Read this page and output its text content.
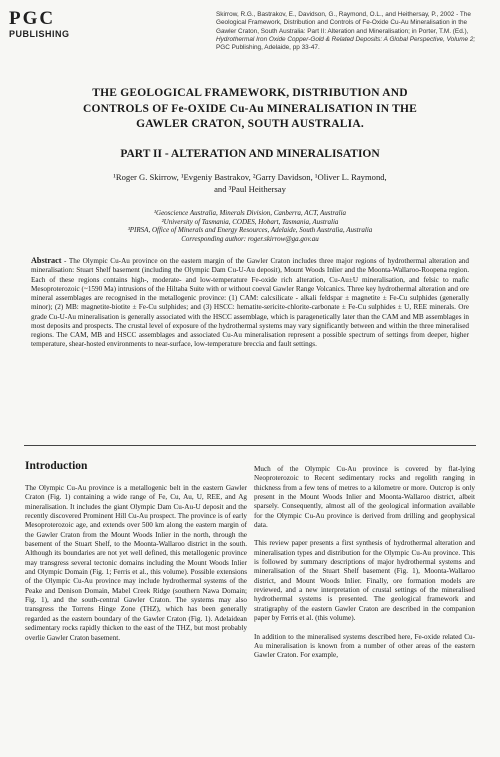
PGC
PUBLISHING
Skirrow, R.G., Bastrakov, E., Davidson, G., Raymond, O.L., and Heithersay, P., 2002 - The
Geological Framework, Distribution and Controls of Fe-Oxide Cu-Au Mineralisation in the
Gawler Craton, South Australia: Part II: Alteration and Mineralisation; in Porter, T.M. (Ed.),
Hydrothermal Iron Oxide Copper-Gold & Related Deposits: A Global Perspective, Volume 2;
PGC Publishing, Adelaide, pp 33-47.
THE GEOLOGICAL FRAMEWORK, DISTRIBUTION AND
CONTROLS OF Fe-OXIDE Cu-Au MINERALISATION IN THE
GAWLER CRATON, SOUTH AUSTRALIA.
PART II - ALTERATION AND MINERALISATION
¹Roger G. Skirrow, ¹Evgeniy Bastrakov, ²Garry Davidson, ¹Oliver L. Raymond,
and ³Paul Heithersay
¹Geoscience Australia, Minerals Division, Canberra, ACT, Australia
²University of Tasmania, CODES, Hobart, Tasmania, Australia
³PIRSA, Office of Minerals and Energy Resources, Adelaide, South Australia, Australia
Corresponding author: roger.skirrow@ga.gov.au
Abstract - The Olympic Cu-Au province on the eastern margin of the Gawler Craton includes three major regions of hydrothermal alteration and mineralisation: Stuart Shelf basement (including the Olympic Dam Cu-U-Au deposit), Mount Woods Inlier and the Moonta-Wallaroo-Roopena region. Each of these regions contains high-, moderate- and low-temperature Fe-oxide rich alteration, Cu-Au±U mineralisation, and felsic to mafic Mesoproterozoic (~1590 Ma) intrusions of the Hiltaba Suite with or without coeval Gawler Range Volcanics. Three key hydrothermal alteration and ore mineral assemblages are recognised in the metallogenic province: (1) CAM: calcsilicate - alkali feldspar ± magnetite ± Fe-Cu sulphides (generally minor); (2) MB: magnetite-biotite ± Fe-Cu sulphides; and (3) HSCC: hematite-sericite-chlorite-carbonate ± Fe-Cu sulphides ± U, REE minerals. Ore grade Cu-U-Au mineralisation is generally associated with the HSCC assemblage, which is paragenetically later than the CAM and MB assemblages in most deposits and prospects. The crustal level of exposure of the hydrothermal systems may vary significantly between and within the three mineralised regions. The CAM, MB and HSCC assemblages and associated Cu-Au mineralisation represent a possible spectrum of settings from deeper, higher temperature, shear-hosted environments to near-surface, low-temperature breccia and fault settings.
Introduction

The Olympic Cu-Au province is a metallogenic belt in the eastern Gawler Craton (Fig. 1) containing a wide range of Fe, Cu, Au, U, REE, and Ag mineralisation. It includes the giant Olympic Dam Cu-Au-U deposit and the recently discovered Prominent Hill Cu-Au prospect. The province is of early Mesoproterozoic age, and extends over 500 km along the eastern margin of the Gawler Craton from the Mount Woods Inlier in the north, through the basement of the Stuart Shelf, to the Moonta-Wallaroo district in the south. Although its boundaries are not yet well defined, this metallogenic province may transgress several tectonic domains including the Mount Woods Inlier and Olympic Domain (Fig. 1; Ferris et al., this volume). Possible extensions of the Olympic Cu-Au province may include hydrothermal systems of the Peake and Denison Domain, Mabel Creek Ridge (southern Nawa Domain; Fig. 1), and the south-central Gawler Craton. The systems may also transgress the Torrens Hinge Zone (THZ), which has been generally regarded as the eastern boundary of the Gawler Craton (Fig. 1). Adelaidean sedimentary rocks rapidly thicken to the east of the THZ, but most probably overlie Gawler Craton basement.

Much of the Olympic Cu-Au province is covered by flat-lying Neoproterozoic to Recent sedimentary rocks and regolith ranging in thickness from a few tens of metres to a kilometre or more. Outcrop is only present in the Mount Woods Inlier and Moonta-Wallaroo district, albeit sparsely. Consequently, almost all of the geological information available for the Olympic Cu-Au province is derived from drilling and geophysical data.

This review paper presents a first synthesis of hydrothermal alteration and mineralisation types and distribution for the Olympic Cu-Au province. This is followed by summary descriptions of major hydrothermal systems and mineralisation of the Stuart Shelf basement (Fig. 1), Moonta-Wallaroo district, and Mount Woods Inlier. Finally, ore formation models are reviewed, and a new interpretation of crustal settings of the mineralised hydrothermal systems is presented. The geological framework and stratigraphy of the eastern Gawler Craton are described in the companion paper by Ferris et al. (this volume).

In addition to the mineralised systems described here, Fe-oxide related Cu-Au mineralisation is known from a number of other areas of the eastern Gawler Craton. For example,
